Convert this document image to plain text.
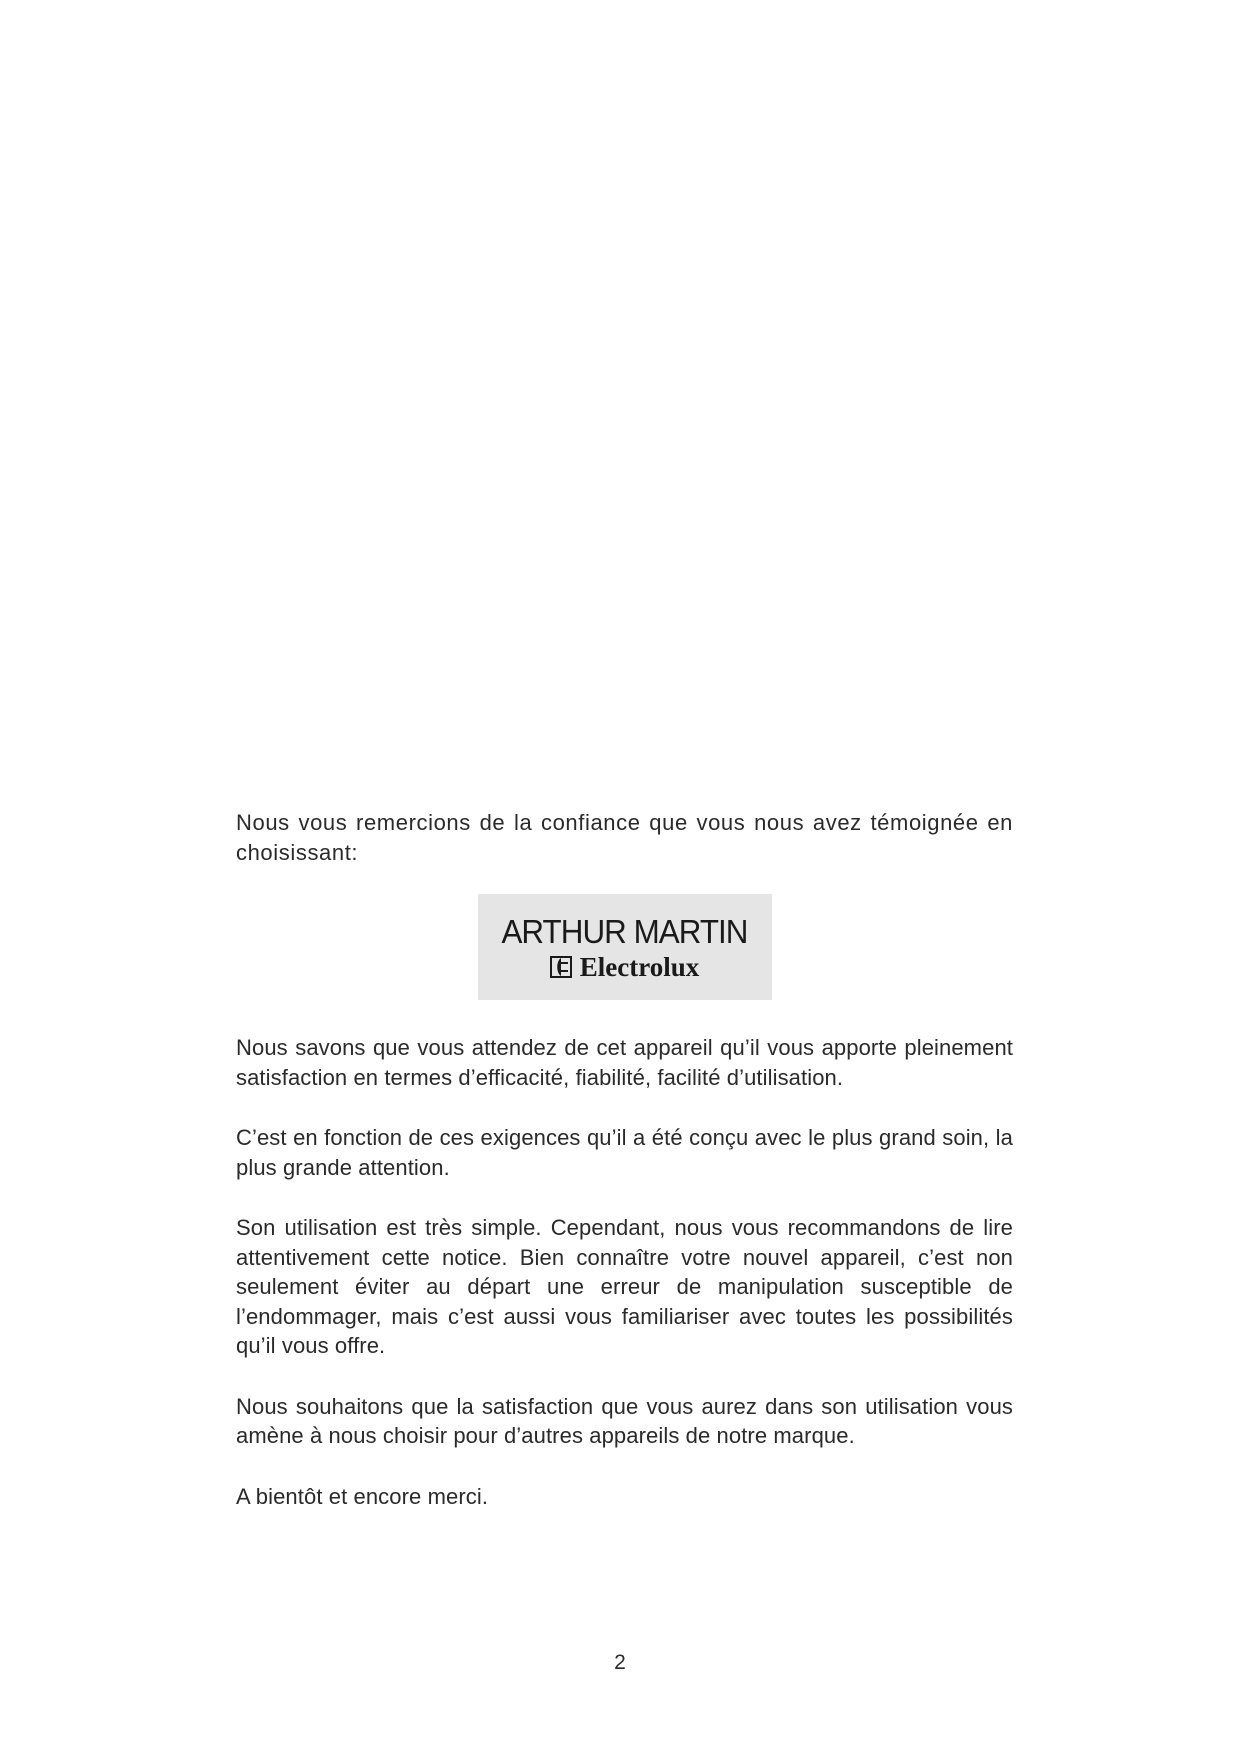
Nous vous remercions de la confiance que vous nous avez témoignée en choisissant:

ARTHUR MARTIN
Electrolux

Nous savons que vous attendez de cet appareil qu’il vous apporte pleinement satisfaction en termes d’efficacité, fiabilité, facilité d’utilisation.

C’est en fonction de ces exigences qu’il a été conçu avec le plus grand soin, la plus grande attention.

Son utilisation est très simple. Cependant, nous vous recommandons de lire attentivement cette notice. Bien connaître votre nouvel appareil, c’est non seulement éviter au départ une erreur de manipulation susceptible de l’endommager, mais c’est aussi vous familiariser avec toutes les possibilités qu’il vous offre.

Nous souhaitons que la satisfaction que vous aurez dans son utilisation vous amène à nous choisir pour d’autres appareils de notre marque.

A bientôt et encore merci.

2
